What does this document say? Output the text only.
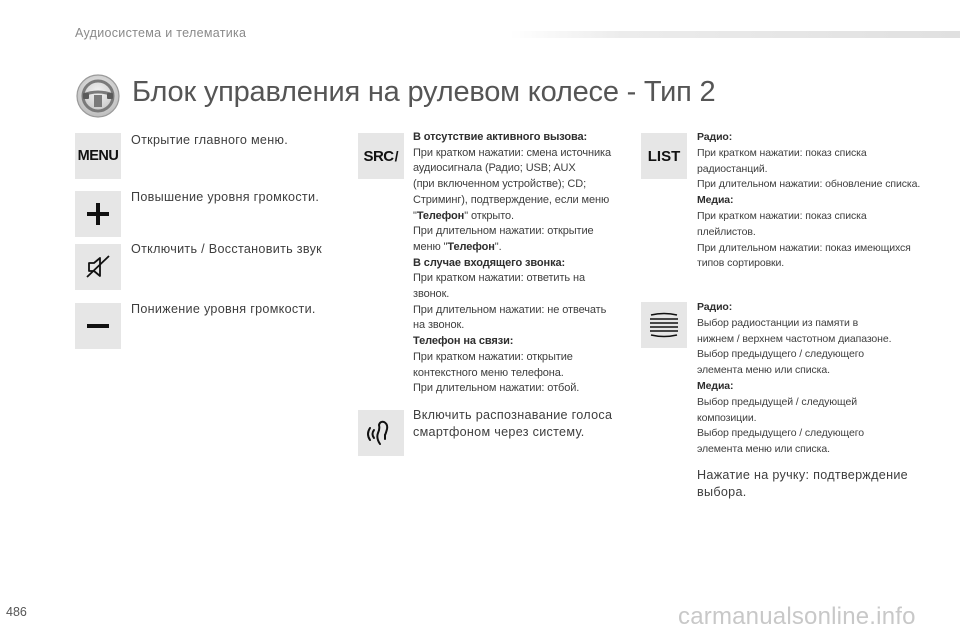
Аудиосистема и телематика
Блок управления на рулевом колесе - Тип 2
MENU
Открытие главного меню.
Повышение уровня громкости.
Отключить / Восстановить звук
Понижение уровня громкости.
SRC /
В отсутствие активного вызова:
При кратком нажатии: смена источника
аудиосигнала (Радио; USB; AUX
(при включенном устройстве); CD;
Стриминг), подтверждение, если меню
"Телефон" открыто.
При длительном нажатии: открытие
меню "Телефон".
В случае входящего звонка:
При кратком нажатии: ответить на
звонок.
При длительном нажатии: не отвечать
на звонок.
Телефон на связи:
При кратком нажатии: открытие
контекстного меню телефона.
При длительном нажатии: отбой.
Включить распознавание голоса
смартфоном через систему.
LIST
Радио:
При кратком нажатии: показ списка
радиостанций.
При длительном нажатии: обновление списка.
Медиа:
При кратком нажатии: показ списка
плейлистов.
При длительном нажатии: показ имеющихся
типов сортировки.
Радио:
Выбор радиостанции из памяти в
нижнем / верхнем частотном диапазоне.
Выбор предыдущего / следующего
элемента меню или списка.
Медиа:
Выбор предыдущей / следующей
композиции.
Выбор предыдущего / следующего
элемента меню или списка.
Нажатие на ручку: подтверждение
выбора.
486	carmanualsonline.info
